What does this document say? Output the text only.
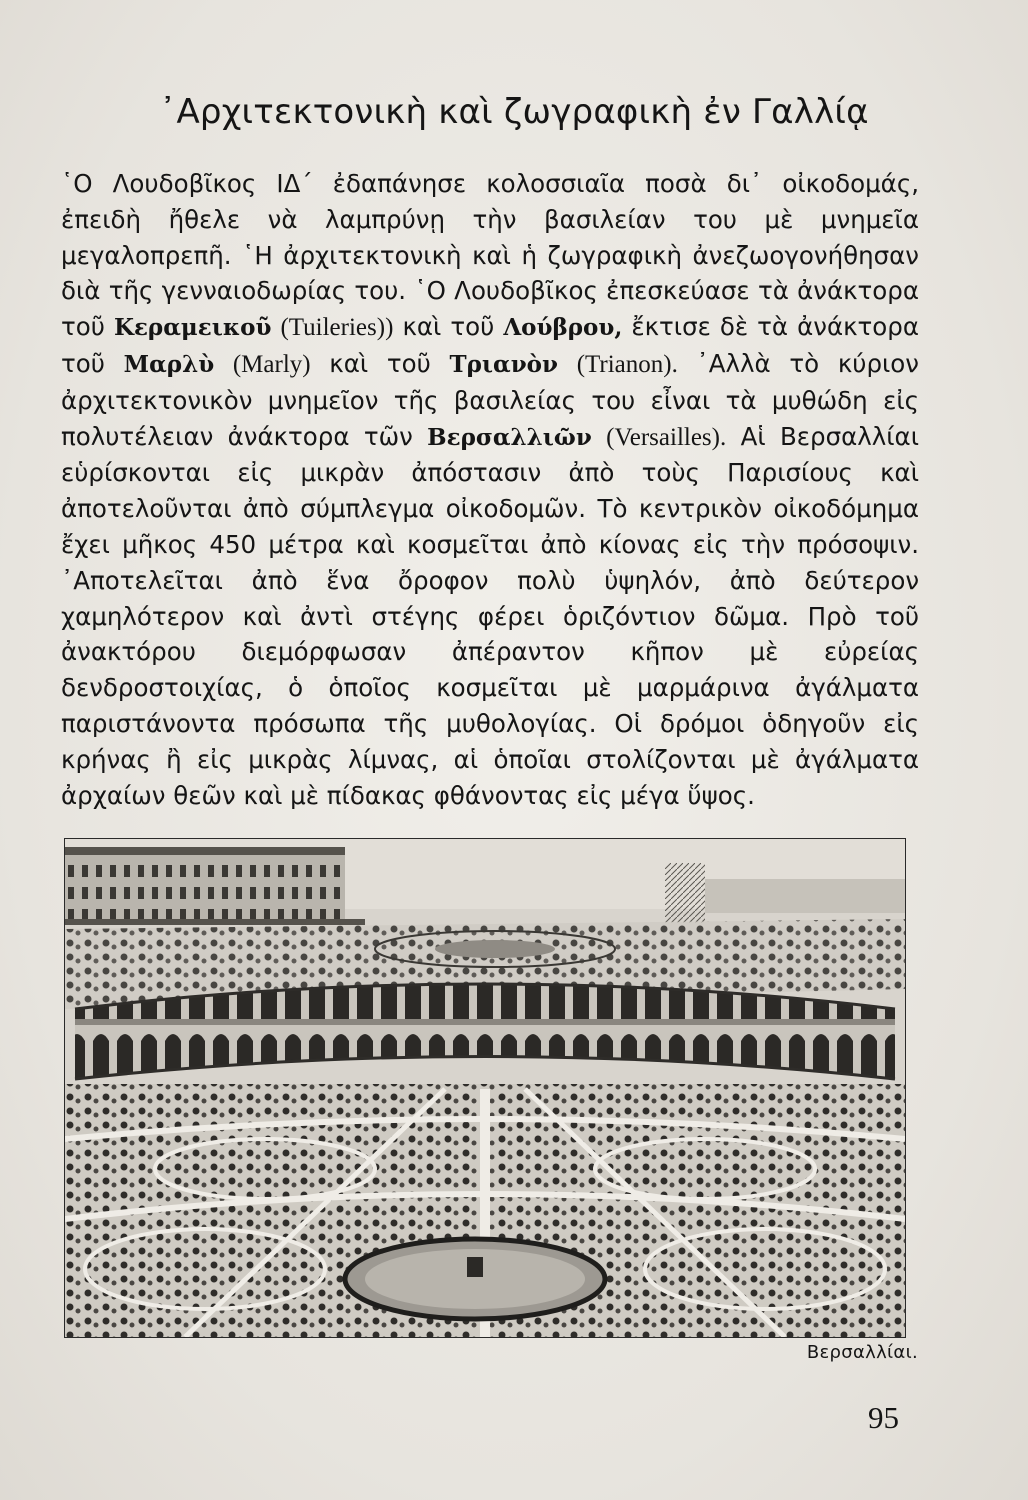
᾿Αρχιτεκτονικὴ καὶ ζωγραφικὴ ἐν Γαλλίᾳ

῾Ο Λουδοβῖκος ΙΔ΄ ἐδαπάνησε κολοσσιαῖα ποσὰ δι᾿ οἰκοδομάς, ἐπειδὴ ἤθελε νὰ λαμπρύνῃ τὴν βασιλείαν του μὲ μνημεῖα μεγαλοπρεπῆ. ῾Η ἀρχιτεκτονικὴ καὶ ἡ ζωγραφικὴ ἀνεζωογονήθησαν διὰ τῆς γενναιοδωρίας του. ῾Ο Λουδοβῖκος ἐπεσκεύασε τὰ ἀνάκτορα τοῦ Κεραμεικοῦ (Tuileries)) καὶ τοῦ Λούβρου, ἔκτισε δὲ τὰ ἀνάκτορα τοῦ Μαρλὺ (Marly) καὶ τοῦ Τριανὸν (Trianon). ᾿Αλλὰ τὸ κύριον ἀρχιτεκτονικὸν μνημεῖον τῆς βασιλείας του εἶναι τὰ μυθώδη εἰς πολυτέλειαν ἀνάκτορα τῶν Βερσαλλιῶν (Versailles). Αἱ Βερσαλλίαι εὑρίσκονται εἰς μικρὰν ἀπόστασιν ἀπὸ τοὺς Παρισίους καὶ ἀποτελοῦνται ἀπὸ σύμπλεγμα οἰκοδομῶν. Τὸ κεντρικὸν οἰκοδόμημα ἔχει μῆκος 450 μέτρα καὶ κοσμεῖται ἀπὸ κίονας εἰς τὴν πρόσοψιν. ᾿Αποτελεῖται ἀπὸ ἕνα ὄροφον πολὺ ὑψηλόν, ἀπὸ δεύτερον χαμηλότερον καὶ ἀντὶ στέγης φέρει ὁριζόντιον δῶμα. Πρὸ τοῦ ἀνακτόρου διεμόρφωσαν ἀπέραντον κῆπον μὲ εὐρείας δενδροστοιχίας, ὁ ὁποῖος κοσμεῖται μὲ μαρμάρινα ἀγάλματα παριστάνοντα πρόσωπα τῆς μυθολογίας. Οἱ δρόμοι ὁδηγοῦν εἰς κρήνας ἢ εἰς μικρὰς λίμνας, αἱ ὁποῖαι στολίζονται μὲ ἀγάλματα ἀρχαίων θεῶν καὶ μὲ πίδακας φθάνοντας εἰς μέγα ὕψος.

Βερσαλλίαι.
95
